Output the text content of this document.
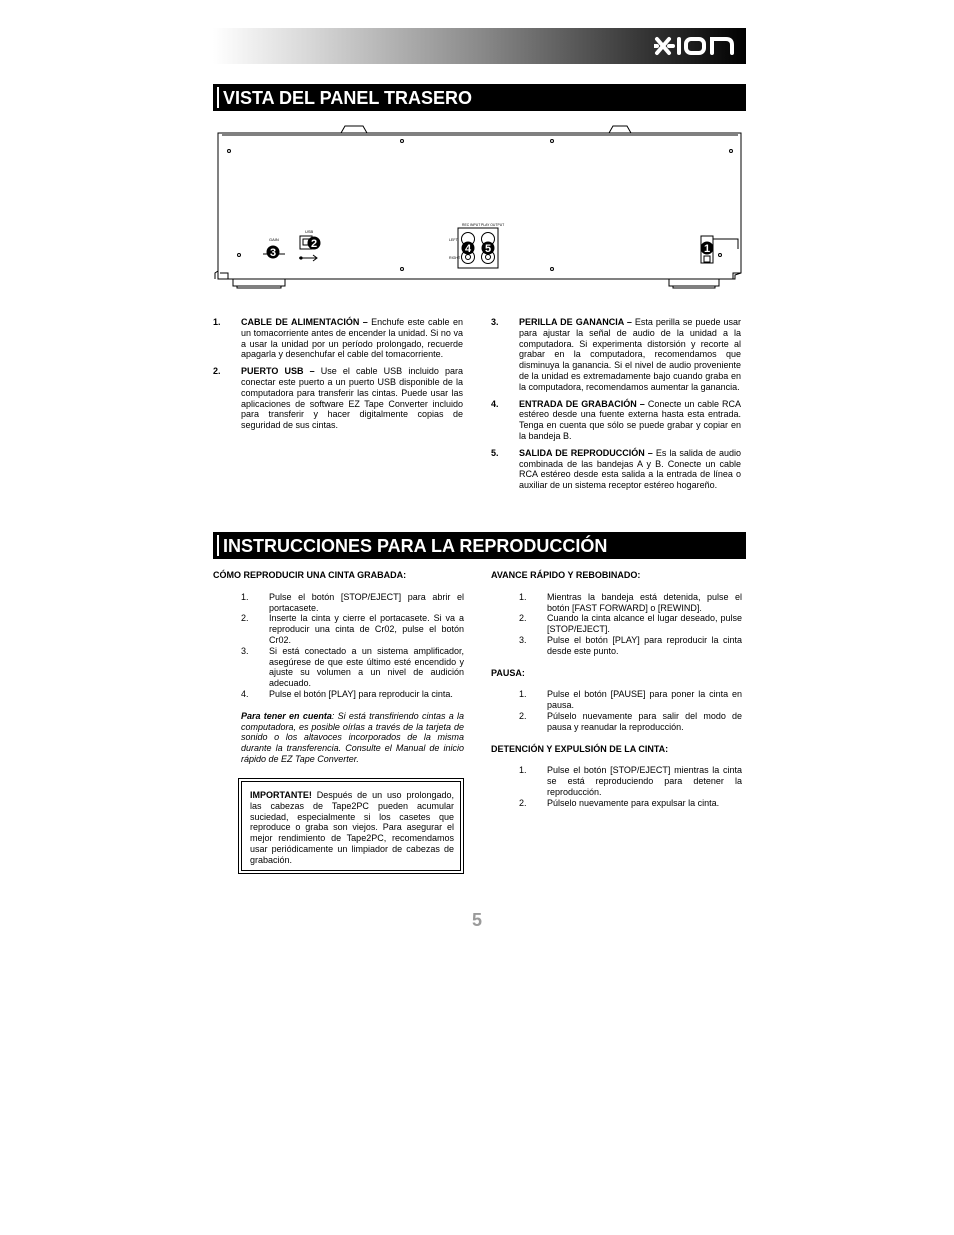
ION
VISTA DEL PANEL TRASERO
GAIN
USB
REC INPUT PLAY OUTPUT
LEFT
RIGHT
3
2	4 5	1
1. CABLE DE ALIMENTACIÓN – Enchufe este cable en un tomacorriente antes de encender la unidad. Si no va a usar la unidad por un período prolongado, recuerde apagarla y desenchufar el cable del tomacorriente.
2. PUERTO USB – Use el cable USB incluido para conectar este puerto a un puerto USB disponible de la computadora para transferir las cintas. Puede usar las aplicaciones de software EZ Tape Converter incluido para transferir y hacer digitalmente copias de seguridad de sus cintas.
3. PERILLA DE GANANCIA – Esta perilla se puede usar para ajustar la señal de audio de la unidad a la computadora. Si experimenta distorsión y recorte al grabar en la computadora, recomendamos que disminuya la ganancia. Si el nivel de audio proveniente de la unidad es extremadamente bajo cuando graba en la computadora, recomendamos aumentar la ganancia.
4. ENTRADA DE GRABACIÓN – Conecte un cable RCA estéreo desde una fuente externa hasta esta entrada. Tenga en cuenta que sólo se puede grabar y copiar en la bandeja B.
5. SALIDA DE REPRODUCCIÓN – Es la salida de audio combinada de las bandejas A y B. Conecte un cable RCA estéreo desde esta salida a la entrada de línea o auxiliar de un sistema receptor estéreo hogareño.
INSTRUCCIONES PARA LA REPRODUCCIÓN
CÓMO REPRODUCIR UNA CINTA GRABADA:
1. Pulse el botón [STOP/EJECT] para abrir el portacasete.
2. Inserte la cinta y cierre el portacasete. Si va a reproducir una cinta de Cr02, pulse el botón Cr02.
3. Si está conectado a un sistema amplificador, asegúrese de que este último esté encendido y ajuste su volumen a un nivel de audición adecuado.
4. Pulse el botón [PLAY] para reproducir la cinta.

Para tener en cuenta: Si está transfiriendo cintas a la computadora, es posible oírlas a través de la tarjeta de sonido o los altavoces incorporados de la misma durante la transferencia. Consulte el Manual de inicio rápido de EZ Tape Converter.

IMPORTANTE! Después de un uso prolongado, las cabezas de Tape2PC pueden acumular suciedad, especialmente si los casetes que reproduce o graba son viejos. Para asegurar el mejor rendimiento de Tape2PC, recomendamos usar periódicamente un limpiador de cabezas de grabación.
AVANCE RÁPIDO Y REBOBINADO:
1. Mientras la bandeja está detenida, pulse el botón [FAST FORWARD] o [REWIND].
2. Cuando la cinta alcance el lugar deseado, pulse [STOP/EJECT].
3. Pulse el botón [PLAY] para reproducir la cinta desde este punto.
PAUSA:
1. Pulse el botón [PAUSE] para poner la cinta en pausa.
2. Púlselo nuevamente para salir del modo de pausa y reanudar la reproducción.
DETENCIÓN Y EXPULSIÓN DE LA CINTA:
1. Pulse el botón [STOP/EJECT] mientras la cinta se está reproduciendo para detener la reproducción.
2. Púlselo nuevamente para expulsar la cinta.
5
